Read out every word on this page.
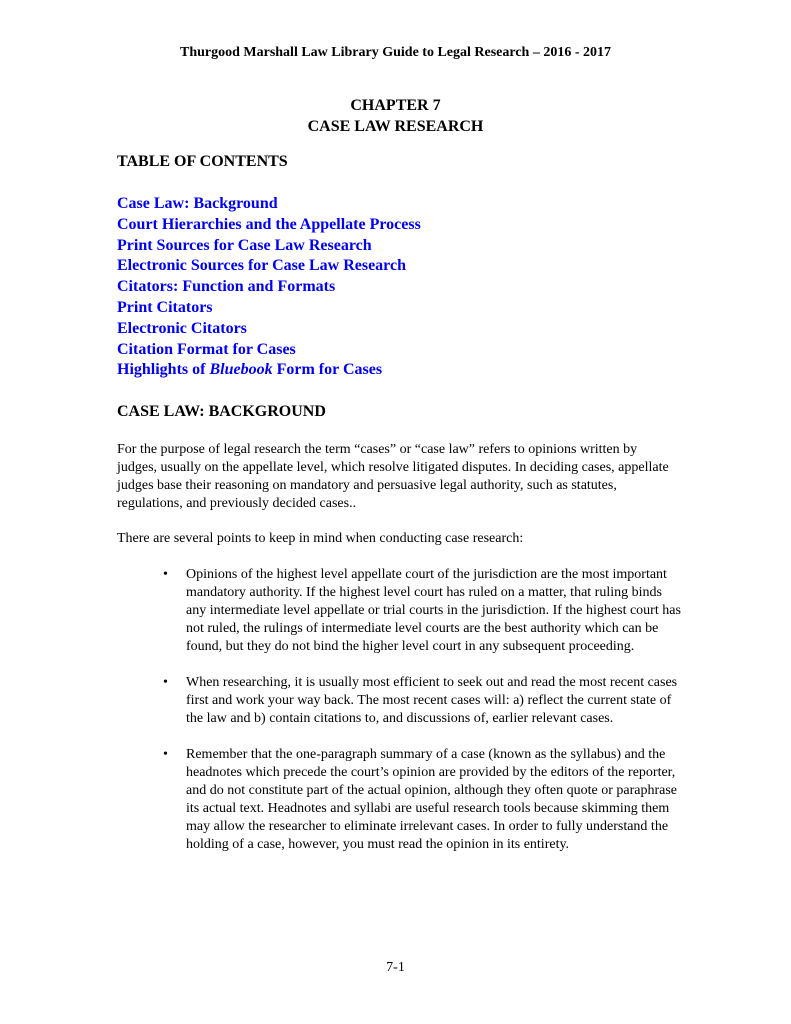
Thurgood Marshall Law Library Guide to Legal Research – 2016 - 2017
CHAPTER 7
CASE LAW RESEARCH
TABLE OF CONTENTS
Case Law: Background
Court Hierarchies and the Appellate Process
Print Sources for Case Law Research
Electronic Sources for Case Law Research
Citators: Function and Formats
Print Citators
Electronic Citators
Citation Format for Cases
Highlights of Bluebook Form for Cases
CASE LAW: BACKGROUND

For the purpose of legal research the term “cases” or “case law” refers to opinions written by judges, usually on the appellate level, which resolve litigated disputes. In deciding cases, appellate judges base their reasoning on mandatory and persuasive legal authority, such as statutes, regulations, and previously decided cases..

There are several points to keep in mind when conducting case research:

• Opinions of the highest level appellate court of the jurisdiction are the most important mandatory authority. If the highest level court has ruled on a matter, that ruling binds any intermediate level appellate or trial courts in the jurisdiction. If the highest court has not ruled, the rulings of intermediate level courts are the best authority which can be found, but they do not bind the higher level court in any subsequent proceeding.
• When researching, it is usually most efficient to seek out and read the most recent cases first and work your way back. The most recent cases will: a) reflect the current state of the law and b) contain citations to, and discussions of, earlier relevant cases.
• Remember that the one-paragraph summary of a case (known as the syllabus) and the headnotes which precede the court’s opinion are provided by the editors of the reporter, and do not constitute part of the actual opinion, although they often quote or paraphrase its actual text. Headnotes and syllabi are useful research tools because skimming them may allow the researcher to eliminate irrelevant cases. In order to fully understand the holding of a case, however, you must read the opinion in its entirety.
7-1
